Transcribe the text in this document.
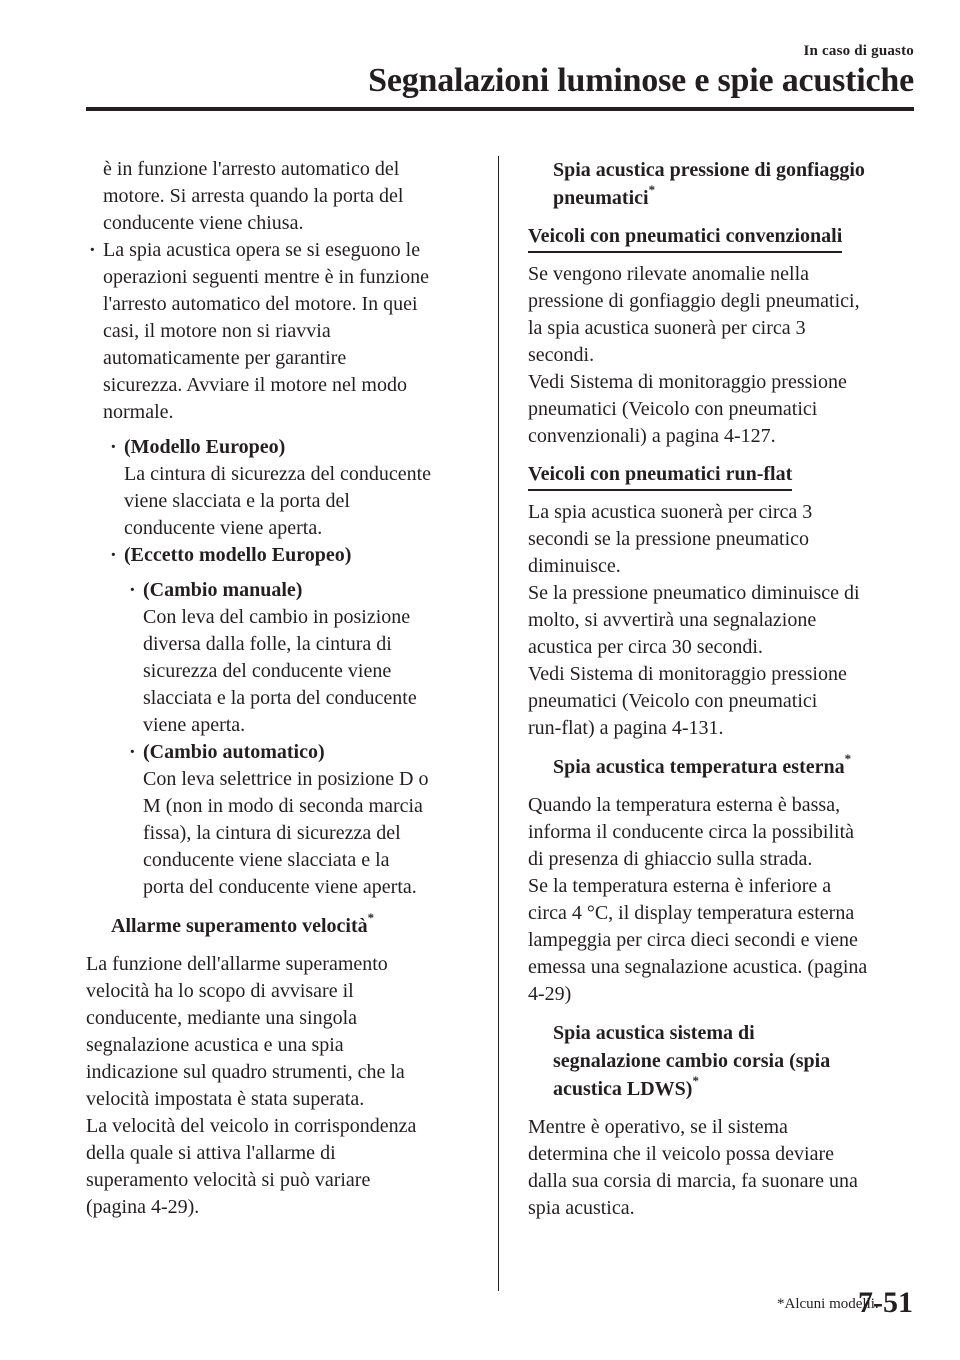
In caso di guasto
Segnalazioni luminose e spie acustiche
è in funzione l'arresto automatico del
motore. Si arresta quando la porta del
conducente viene chiusa.
· La spia acustica opera se si eseguono le
operazioni seguenti mentre è in funzione
l'arresto automatico del motore. In quei
casi, il motore non si riavvia
automaticamente per garantire
sicurezza. Avviare il motore nel modo
normale.
· (Modello Europeo)
La cintura di sicurezza del conducente
viene slacciata e la porta del
conducente viene aperta.
· (Eccetto modello Europeo)
· (Cambio manuale)
Con leva del cambio in posizione
diversa dalla folle, la cintura di
sicurezza del conducente viene
slacciata e la porta del conducente
viene aperta.
· (Cambio automatico)
Con leva selettrice in posizione D o
M (non in modo di seconda marcia
fissa), la cintura di sicurezza del
conducente viene slacciata e la
porta del conducente viene aperta.
Allarme superamento velocità*
La funzione dell'allarme superamento
velocità ha lo scopo di avvisare il
conducente, mediante una singola
segnalazione acustica e una spia
indicazione sul quadro strumenti, che la
velocità impostata è stata superata.
La velocità del veicolo in corrispondenza
della quale si attiva l'allarme di
superamento velocità si può variare
(pagina 4-29).
Spia acustica pressione di gonfiaggio
pneumatici*
Veicoli con pneumatici convenzionali
Se vengono rilevate anomalie nella
pressione di gonfiaggio degli pneumatici,
la spia acustica suonerà per circa 3
secondi.
Vedi Sistema di monitoraggio pressione
pneumatici (Veicolo con pneumatici
convenzionali) a pagina 4-127.
Veicoli con pneumatici run-flat
La spia acustica suonerà per circa 3
secondi se la pressione pneumatico
diminuisce.
Se la pressione pneumatico diminuisce di
molto, si avvertirà una segnalazione
acustica per circa 30 secondi.
Vedi Sistema di monitoraggio pressione
pneumatici (Veicolo con pneumatici
run-flat) a pagina 4-131.
Spia acustica temperatura esterna*
Quando la temperatura esterna è bassa,
informa il conducente circa la possibilità
di presenza di ghiaccio sulla strada.
Se la temperatura esterna è inferiore a
circa 4 °C, il display temperatura esterna
lampeggia per circa dieci secondi e viene
emessa una segnalazione acustica. (pagina
4-29)
Spia acustica sistema di
segnalazione cambio corsia (spia
acustica LDWS)*
Mentre è operativo, se il sistema
determina che il veicolo possa deviare
dalla sua corsia di marcia, fa suonare una
spia acustica.
*Alcuni modelli.
7-51
